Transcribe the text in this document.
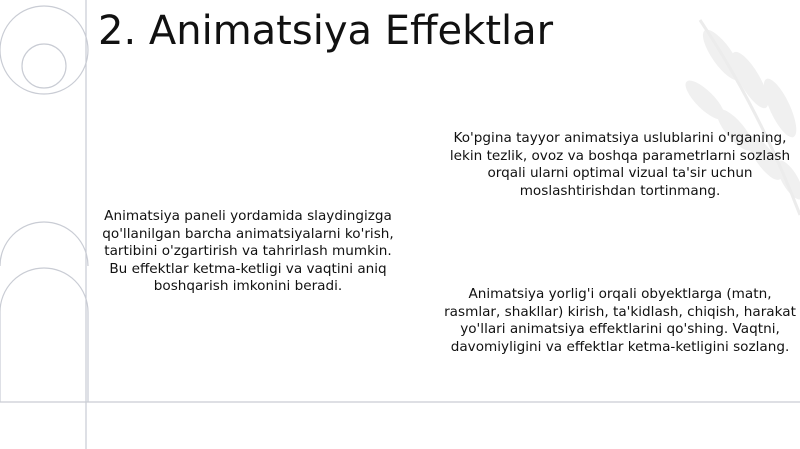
2. Animatsiya Effektlar

Animatsiya paneli yordamida slaydingizga qo'llanilgan barcha animatsiyalarni ko'rish, tartibini o'zgartirish va tahrirlash mumkin. Bu effektlar ketma-ketligi va vaqtini aniq boshqarish imkonini beradi.

Ko'pgina tayyor animatsiya uslublarini o'rganing, lekin tezlik, ovoz va boshqa parametrlarni sozlash orqali ularni optimal vizual ta'sir uchun moslashtirishdan tortinmang.

Animatsiya yorlig'i orqali obyektlarga (matn, rasmlar, shakllar) kirish, ta'kidlash, chiqish, harakat yo'llari animatsiya effektlarini qo'shing. Vaqtni, davomiyligini va effektlar ketma-ketligini sozlang.
